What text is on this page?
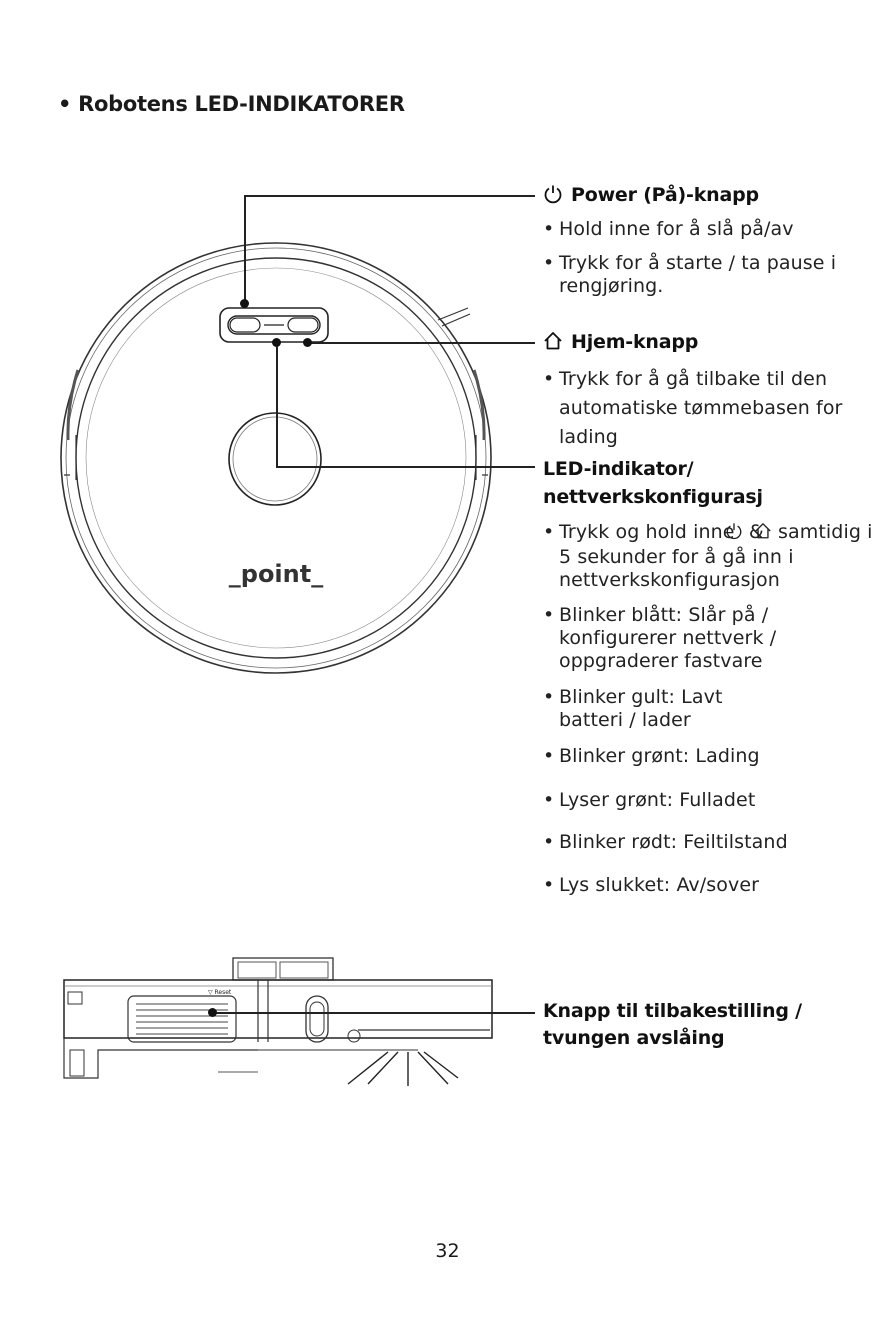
• Robotens LED-INDIKATORER
_point_
Power (På)-knapp
• Hold inne for å slå på/av
• Trykk for å starte / ta pause i rengjøring.
Hjem-knapp
• Trykk for å gå tilbake til den automatiske tømmebasen for lading
LED-indikator/
nettverkskonfigurasj
• Trykk og hold inne & samtidig i 5 sekunder for å gå inn i nettverkskonfigurasjon
• Blinker blått: Slår på / konfigurerer nettverk / oppgraderer fastvare
• Blinker gult: Lavt batteri / lader
• Blinker grønt: Lading
• Lyser grønt: Fulladet
• Blinker rødt: Feiltilstand
• Lys slukket: Av/sover
▽ Reset
Knapp til tilbakestilling /
tvungen avslåing
32
